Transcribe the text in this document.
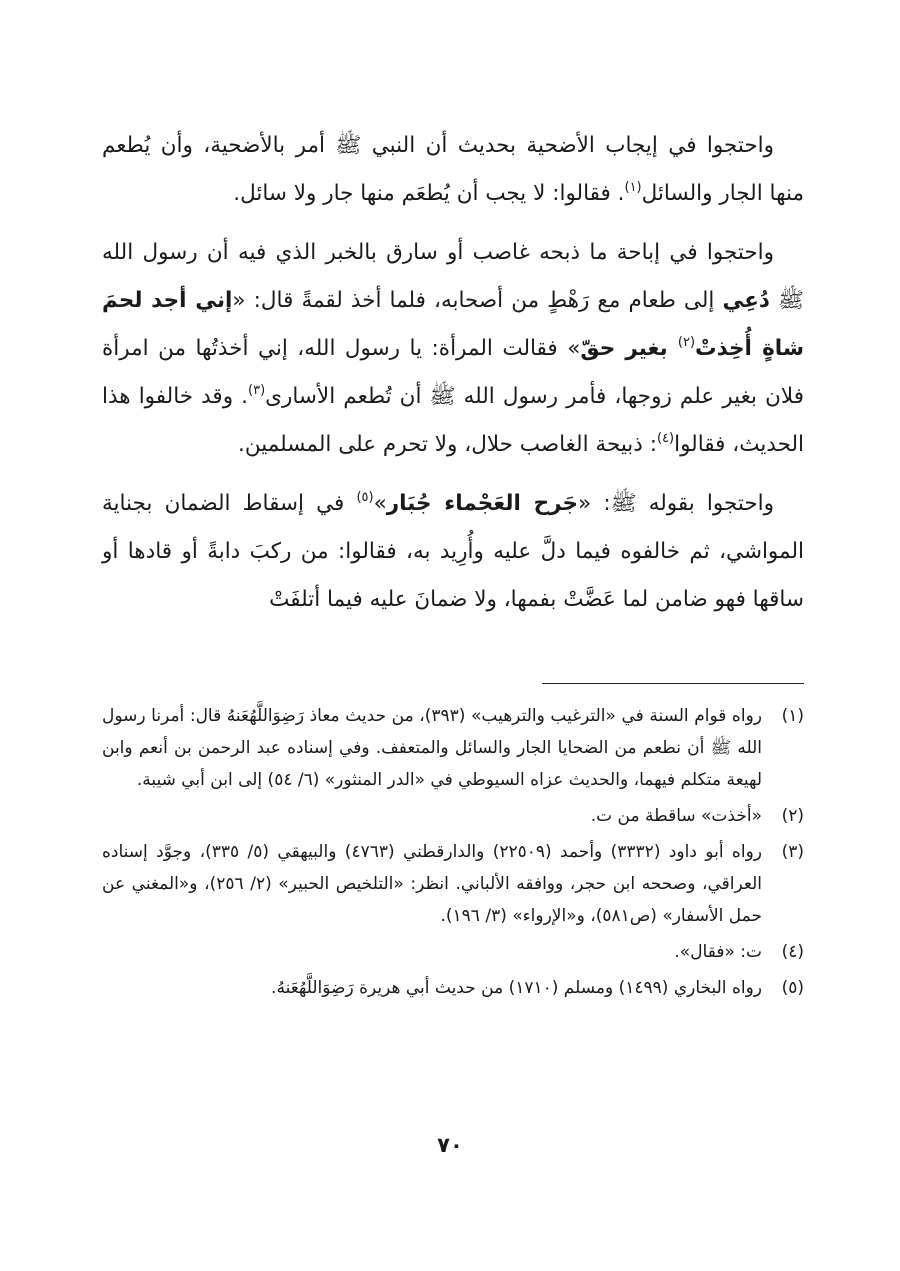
واحتجوا في إيجاب الأضحية بحديث أن النبي ﷺ أمر بالأضحية، وأن يُطعم منها الجار والسائل$^{(١)}$. فقالوا: لا يجب أن يُطعَم منها جار ولا سائل.

واحتجوا في إباحة ما ذبحه غاصب أو سارق بالخبر الذي فيه أن رسول الله ﷺ دُعِي إلى طعام مع رَهْطٍ من أصحابه، فلما أخذ لقمةً قال: «إني أجد لحمَ شاةٍ أُخِذتْ$^{(٢)}$ بغير حقّ» فقالت المرأة: يا رسول الله، إني أخذتُها من امرأة فلان بغير علم زوجها، فأمر رسول الله ﷺ أن تُطعم الأسارى$^{(٣)}$. وقد خالفوا هذا الحديث، فقالوا$^{(٤)}$: ذبيحة الغاصب حلال، ولا تحرم على المسلمين.

واحتجوا بقوله ﷺ: «جَرح العَجْماء جُبَار»$^{(٥)}$ في إسقاط الضمان بجناية المواشي، ثم خالفوه فيما دلَّ عليه وأُرِيد به، فقالوا: من ركبَ دابةً أو قادها أو ساقها فهو ضامن لما عَضَّتْ بفمها، ولا ضمانَ عليه فيما أتلفَتْ

(١)
رواه قوام السنة في «الترغيب والترهيب» (٣٩٣)، من حديث معاذ رَضِوَاللَّهُعَنهُ قال: أمرنا رسول الله ﷺ أن نطعم من الضحايا الجار والسائل والمتعفف. وفي إسناده عبد الرحمن بن أنعم وابن لهيعة متكلم فيهما، والحديث عزاه السيوطي في «الدر المنثور» (٦/ ٥٤) إلى ابن أبي شيبة.
(٢)
«أخذت» ساقطة من ت.
(٣)
رواه أبو داود (٣٣٣٢) وأحمد (٢٢٥٠٩) والدارقطني (٤٧٦٣) والبيهقي (٥/ ٣٣٥)، وجوَّد إسناده العراقي، وصححه ابن حجر، ووافقه الألباني. انظر: «التلخيص الحبير» (٢/ ٢٥٦)، و«المغني عن حمل الأسفار» (ص٥٨١)، و«الإرواء» (٣/ ١٩٦).
(٤)
ت: «فقال».
(٥)
رواه البخاري (١٤٩٩) ومسلم (١٧١٠) من حديث أبي هريرة رَضِوَاللَّهُعَنهُ.
٧٠
